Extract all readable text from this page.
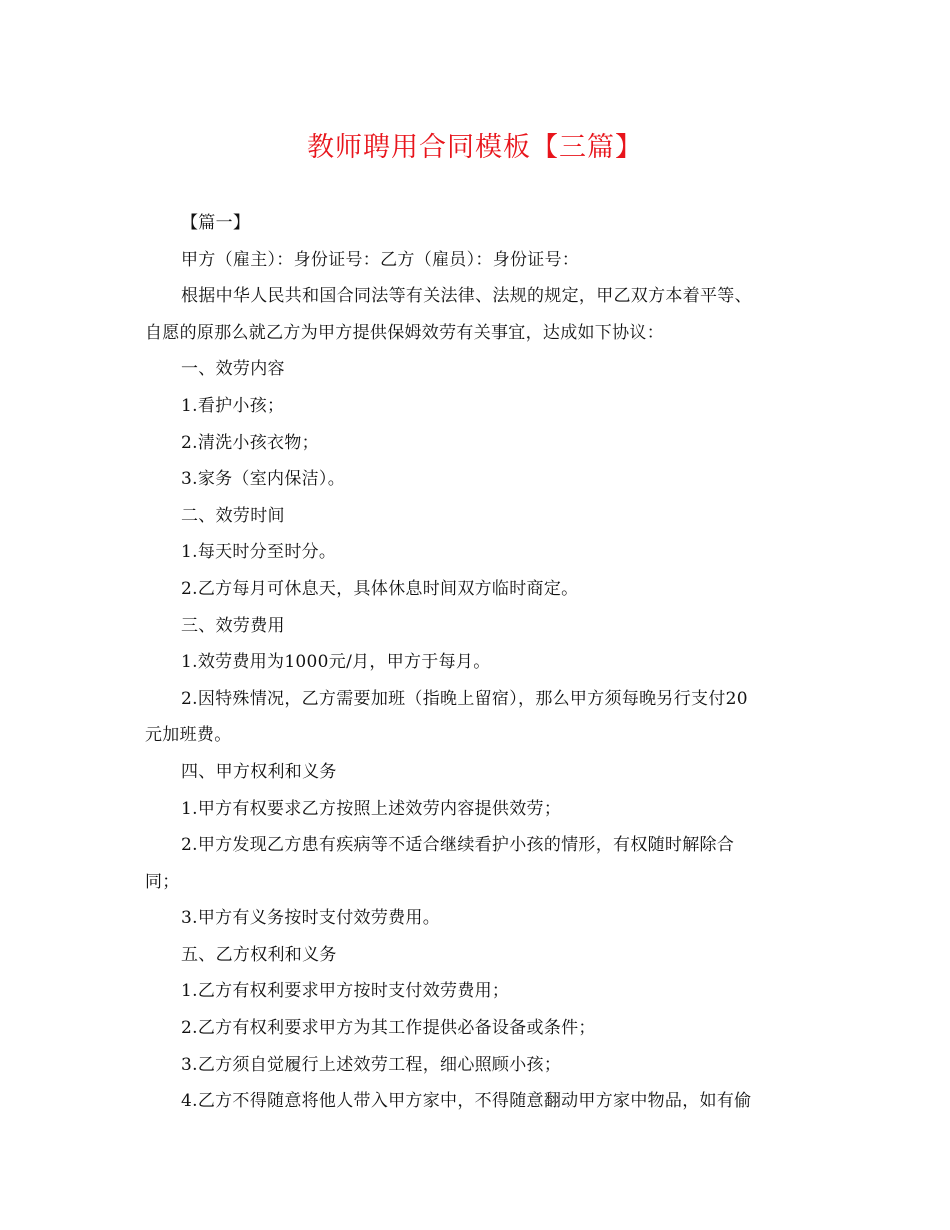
教师聘用合同模板【三篇】

【篇一】

甲方（雇主）：身份证号：乙方（雇员）：身份证号：

根据中华人民共和国合同法等有关法律、法规的规定，甲乙双方本着平等、

自愿的原那么就乙方为甲方提供保姆效劳有关事宜，达成如下协议：

一、效劳内容

1.看护小孩；

2.清洗小孩衣物；

3.家务（室内保洁）。

二、效劳时间

1.每天时分至时分。

2.乙方每月可休息天，具体休息时间双方临时商定。

三、效劳费用

1.效劳费用为1000元/月，甲方于每月。

2.因特殊情况，乙方需要加班（指晚上留宿），那么甲方须每晚另行支付20

元加班费。

四、甲方权利和义务

1.甲方有权要求乙方按照上述效劳内容提供效劳；

2.甲方发现乙方患有疾病等不适合继续看护小孩的情形，有权随时解除合

同；

3.甲方有义务按时支付效劳费用。

五、乙方权利和义务

1.乙方有权利要求甲方按时支付效劳费用；

2.乙方有权利要求甲方为其工作提供必备设备或条件；

3.乙方须自觉履行上述效劳工程，细心照顾小孩；

4.乙方不得随意将他人带入甲方家中，不得随意翻动甲方家中物品，如有偷
